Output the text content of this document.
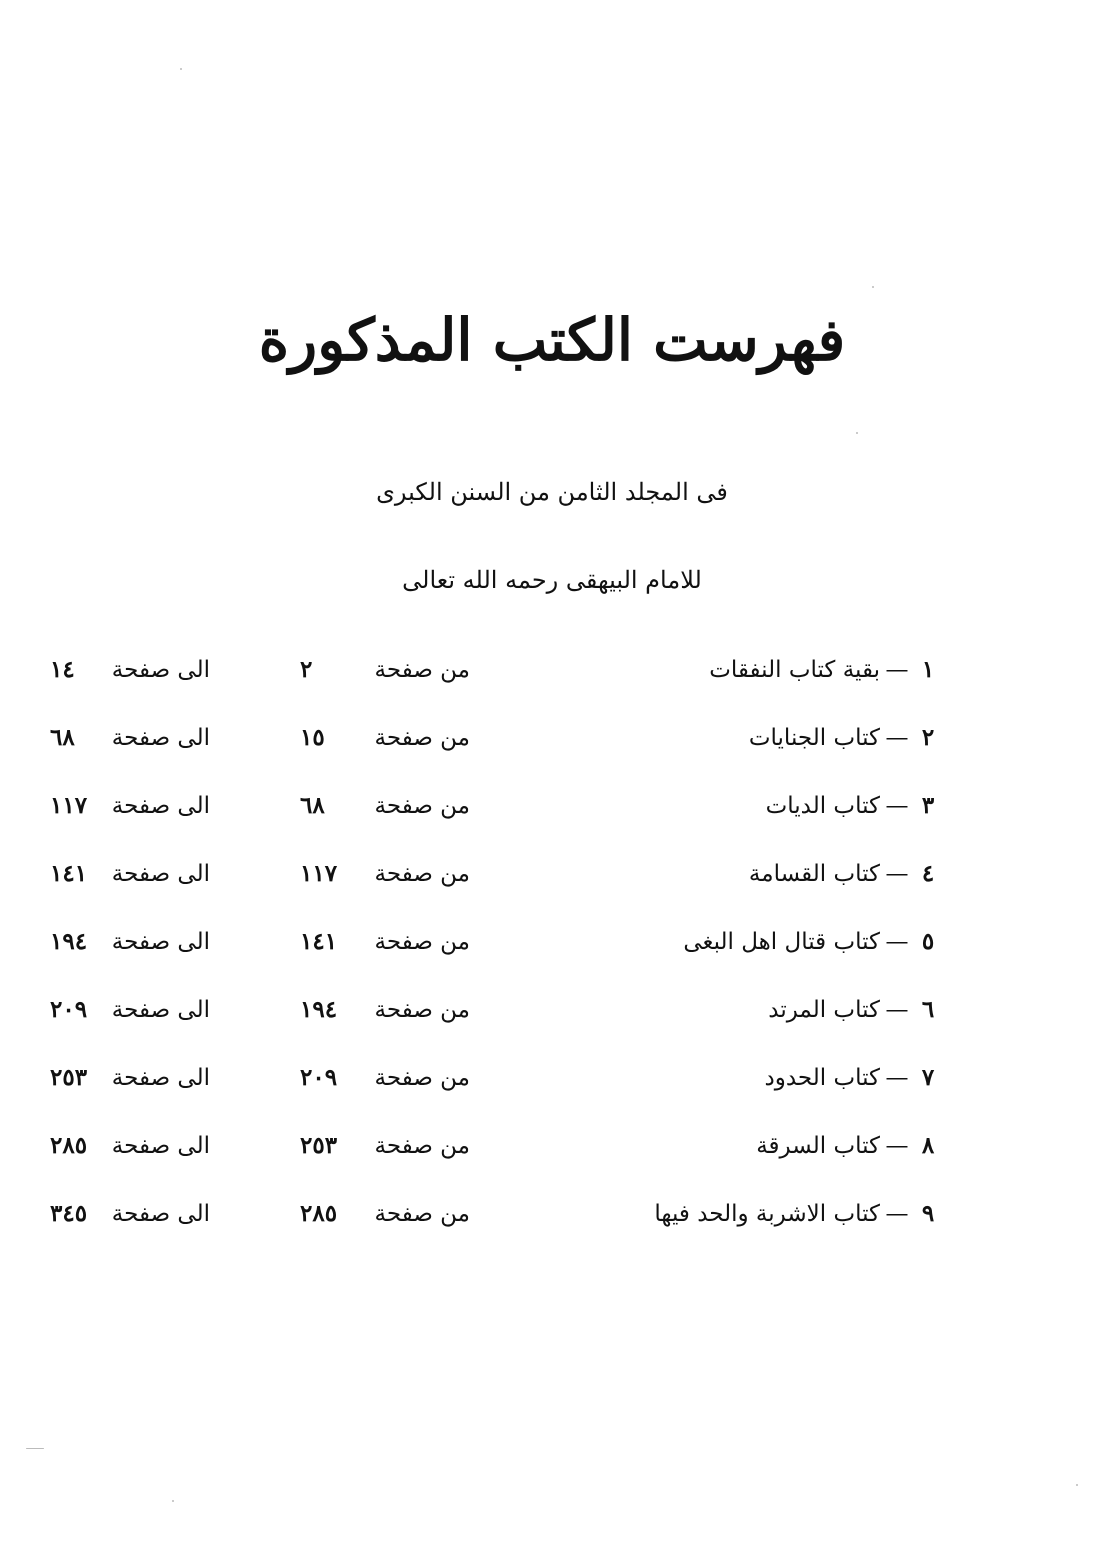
فهرست الكتب المذكورة
فى المجلد الثامن من السنن الكبرى
للامام البيهقى رحمه الله تعالى
١
—
بقية كتاب النفقات
من صفحة
٢
الى صفحة
١٤
٢
—
كتاب الجنايات
من صفحة
١٥
الى صفحة
٦٨
٣
—
كتاب الديات
من صفحة
٦٨
الى صفحة
١١٧
٤
—
كتاب القسامة
من صفحة
١١٧
الى صفحة
١٤١
٥
—
كتاب قتال اهل البغى
من صفحة
١٤١
الى صفحة
١٩٤
٦
—
كتاب المرتد
من صفحة
١٩٤
الى صفحة
٢٠٩
٧
—
كتاب الحدود
من صفحة
٢٠٩
الى صفحة
٢٥٣
٨
—
كتاب السرقة
من صفحة
٢٥٣
الى صفحة
٢٨٥
٩
—
كتاب الاشربة والحد فيها
من صفحة
٢٨٥
الى صفحة
٣٤٥
